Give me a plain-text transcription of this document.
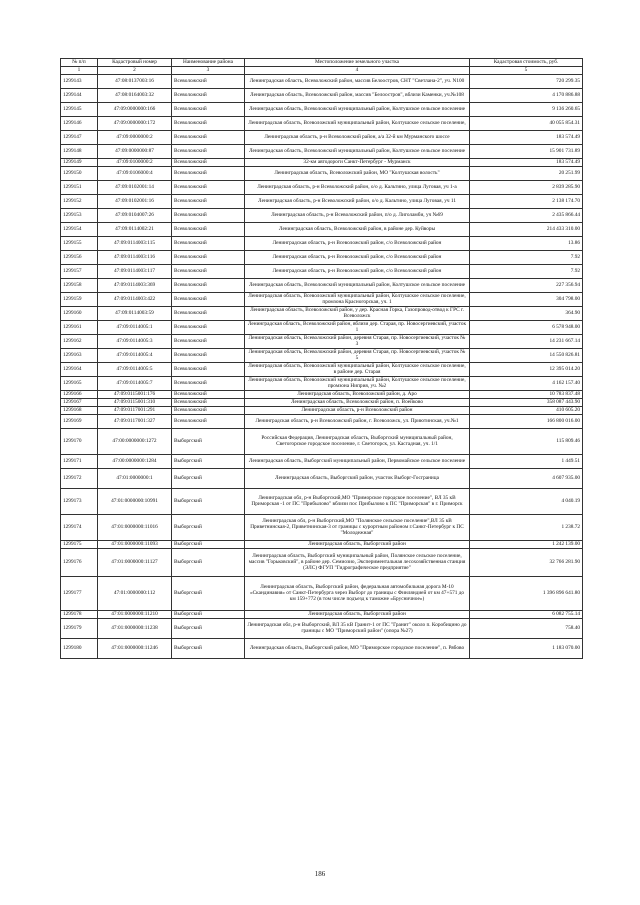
№ п/п	Кадастровый номер	Наименование района	Местоположение земельного участка	Кадастровая стоимость, руб.
1	2	3	4	5
1299143	47:08:0137003:16	Всеволожский	Ленинградская область, Всеволожский район, массив Белоостров, СНТ "Светлана-2", уч. N100	720 299.35
1299144	47:08:0164003:32	Всеволожский	Ленинградская область, Всеволожский район, массив "Белоостров", вблизи Каменки, уч.№108	4 170 886.88
1299145	47:09:0000000:166	Всеволожский	Ленинградская область, Всеволожский муниципальный район, Колтушское сельское поселение	9 136 260.65
1299146	47:09:0000000:172	Всеволожский	Ленинградская область, Всеволожский муниципальный район, Колтушское сельское поселение,	40 055 854.31
1299147	47:09:0000000:2	Всеволожский	Ленинградская область, р-н Всеволожский район, а/а 32-й км Мурманского шоссе	183 574.49
1299148	47:09:0000000:87	Всеволожский	Ленинградская область, Всеволожский муниципальный район, Колтушское сельское поселение	15 901 731.89
1299149	47:09:0100000:2	Всеволожский	32-км автодороги Санкт-Петербург - Мурманск	183 574.49
1299150	47:09:0106000:4	Всеволожский	Ленинградская область, Всеволожский район, МО "Колтушская волость"	20 251.99
1299151	47:09:0102001:14	Всеволожский	Ленинградская область, р-н Всеволожский район, о/о д. Кальтино, улица Луговая, уч 1-а	2 839 285.90
1299152	47:09:0102001:16	Всеволожский	Ленинградская область, р-н Всеволожский район, о/о д. Кальтино, улица Луговая, уч 11	2 138 174.70
1299153	47:09:0104007:26	Всеволожский	Ленинградская область, р-н Всеволожский район, п/о д. Лиголамби, уч №69	2 435 866.44
1299154	47:09:0114002:21	Всеволожский	Ленинградская область, Всеволожский район, в районе дер. Куйворы	214 433 310.00
1299155	47:09:0114003:115	Всеволожский	Ленинградская область, р-н Всеволожский район, с/о Всеволожский район	13.86
1299156	47:09:0114003:116	Всеволожский	Ленинградская область, р-н Всеволожский район, с/о Всеволожский район	7.92
1299157	47:09:0114003:117	Всеволожский	Ленинградская область, р-н Всеволожский район, с/о Всеволожский район	7.92
1299158	47:09:0114003:369	Всеволожский	Ленинградская область, Всеволожский муниципальный район, Колтушское сельское поселение	227 356.94
1299159	47:09:0114003:422	Всеволожский	Ленинградская область, Всеволожский муниципальный район, Колтушское сельское поселение, промзона Красногорская, уч. 1	304 798.00
1299160	47:09:0114003:59	Всеволожский	Ленинградская область, Всеволожский район, у дер. Красная Горка, Газопровод-отвод к ГРС г. Всеволожск	364.90
1299161	47:09:0114005:1	Всеволожский	Ленинградская область, Всеволожский район, вблизи дер. Старая, пр. Новосергиевский, участок 1	6 578 948.00
1299162	47:09:0114005:3	Всеволожский	Ленинградская область, Всеволожский район, деревня Старая, пр. Новосергиевский, участок № 3	14 231 667.14
1299163	47:09:0114005:4	Всеволожский	Ленинградская область, Всеволожский район, деревня Старая, пр. Новосергиевский, участок № 5	14 550 826.81
1299164	47:09:0114005:5	Всеволожский	Ленинградская область, Всеволожский муниципальный район, Колтушское сельское поселение, в районе дер. Старая	12 395 014.20
1299165	47:09:0114005:7	Всеволожский	Ленинградская область, Всеволожский муниципальный район, Колтушское сельское поселение, промзона Ниприя, уч. №2	4 162 157.40
1299166	47:09:0115001:176	Всеволожский	Ленинградская область, Всеволожский район, д. Аро	10 783 837.48
1299167	47:09:0115001:310	Всеволожский	Ленинградская область, Всеволожский район, п. Воейково	358 087 443.90
1299168	47:09:0117001:291	Всеволожский	Ленинградская область, р-н Всеволожский район	410 605.20
1299169	47:09:0117001:327	Всеволожский	Ленинградская область, р-н Всеволожский район, г. Всеволожск, ул. Приютинская, уч.№1	166 800 016.00
1299170	47:00:0000000:1272	Выборгский	Российская Федерация, Ленинградская область, Выборгский муниципальный район, Светогорское городское поселение, г. Светогорск, ул. Касгадная, уч. 1/1	115 809.46
1299171	47:00:0000000:1284	Выборгский	Ленинградская область, Выборгский муниципальный район, Первомайское сельское поселение	1 449.51
1299172	47:01:0000000:1	Выборгский	Ленинградская область, Выборгский район, участок Выборг-Госграница	4 607 935.00
1299173	47:01:0000000:10991	Выборгский	Ленинградская обл, р-н Выборгский,МО "Приморское городское поселение", ВЛ 35 кВ Приморская -1 от ПС "Прибылово" вблизи пос Прибылово к ПС "Приморская" в г. Приморск	4 040.19
1299174	47:01:0000000:11016	Выборгский	Ленинградская обл, р-н Выборгский,МО "Полянское сельское поселение",ВЛ 35 кВ Приветнинская-2, Приветнинская-3 от границы с курортным районом г.Санкт-Петербург к ПС "Молодежная"	1 238.72
1299175	47:01:0000000:11093	Выборгский	Ленинградская область, Выборгский район	1 242 139.00
1299176	47:01:0000000:11127	Выборгский	Ленинградская область, Выборгский муниципальный район, Полянское сельское поселение, массив "Горьковский", в районе дер. Семиозио, Экспериментальная лесохозяйственная станция (ЭЛС) ФГУП "Гидрографическое предприятие"	32 766 281.90
1299177	47:01:0000000:112	Выборгский	Ленинградская область, Выборгский район, федеральная автомобильная дорога М-10 «Скандинавия» от Санкт-Петербурга через Выборг до границы с Финляндией от км 47+571 до км 159+772 (в том числе подъезд к таможне «Брусничное»)	1 396 896 641.80
1299178	47:01:0000000:11210	Выборгский	Ленинградская область, Выборгский район	6 082 755.14
1299179	47:01:0000000:11238	Выборгский	Ленинградская обл, р-н Выборгский, ВЛ 35 кВ Гранит-1 от ПС "Гранит" около п. Коробицино до границы с МО "Приморский район" (опора №27)	758.40
1299180	47:01:0000000:11246	Выборгский	Ленинградская область, Выборгский район, МО "Приморское городское поселение", п. Рябово	1 183 070.00
186
